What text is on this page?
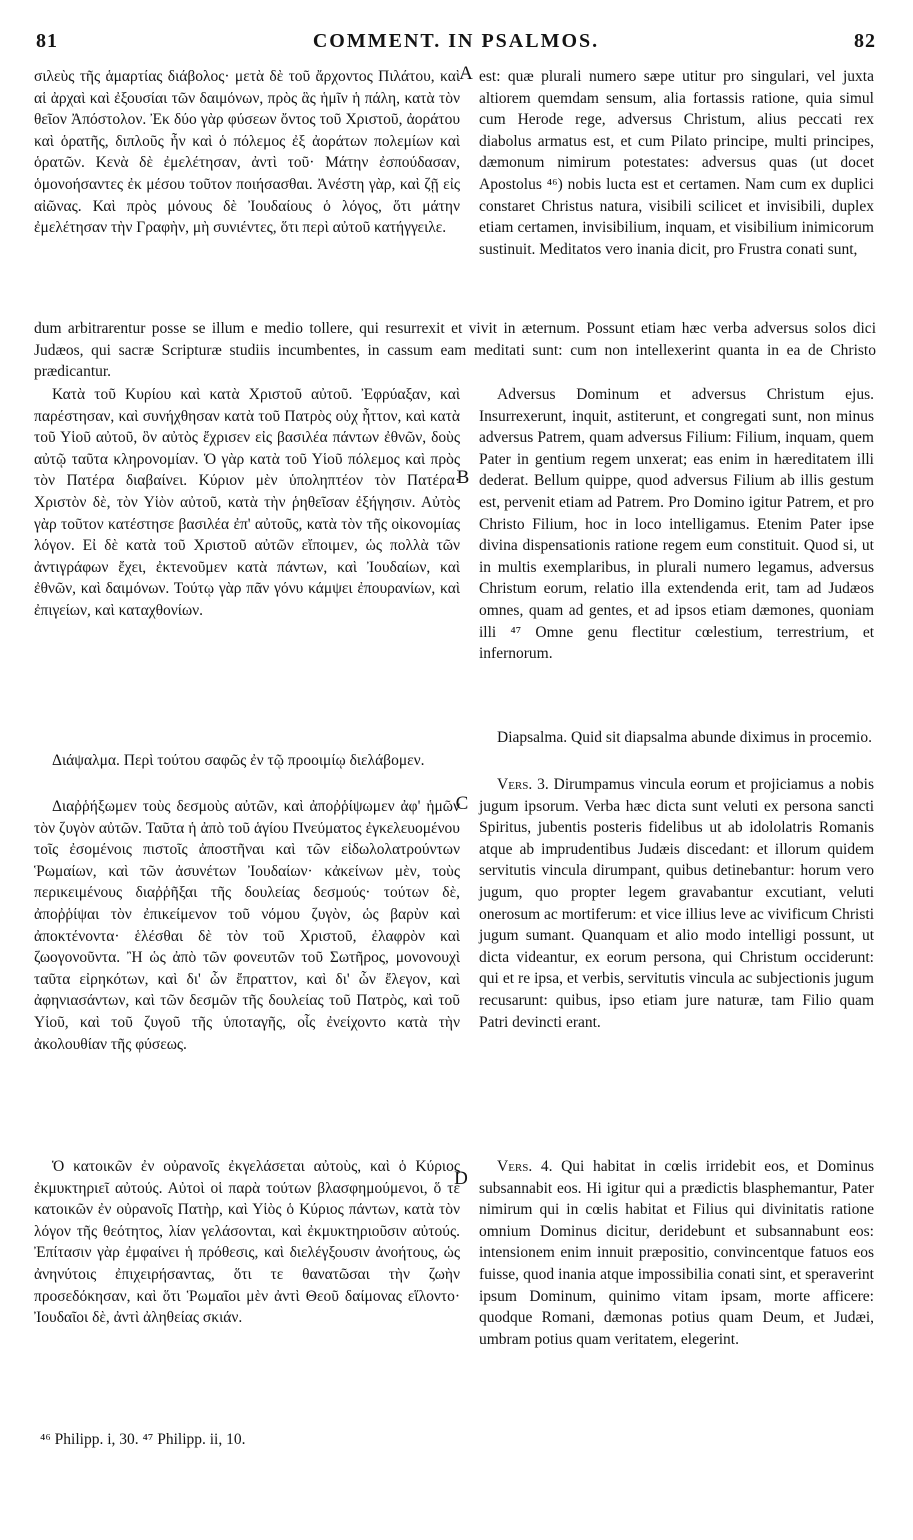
81	COMMENT. IN PSALMOS.	82
A
B
C
D

σιλεὺς τῆς ἁμαρτίας διάβολος· μετὰ δὲ τοῦ ἄρχοντος Πιλάτου, καὶ αἱ ἀρχαὶ καὶ ἐξουσίαι τῶν δαιμόνων, πρὸς ἃς ἡμῖν ἡ πάλη, κατὰ τὸν θεῖον Ἀπόστολον. Ἐκ δύο γὰρ φύσεων ὄντος τοῦ Χριστοῦ, ἀοράτου καὶ ὁρατῆς, διπλοῦς ἦν καὶ ὁ πόλεμος ἐξ ἀοράτων πολεμίων καὶ ὁρατῶν. Κενὰ δὲ ἐμελέτησαν, ἀντὶ τοῦ· Μάτην ἐσπούδασαν, ὁμονοήσαντες ἐκ μέσου τοῦτον ποιήσασθαι. Ἀνέστη γὰρ, καὶ ζῇ εἰς αἰῶνας. Καὶ πρὸς μόνους δὲ Ἰουδαίους ὁ λόγος, ὅτι μάτην ἐμελέτησαν τὴν Γραφὴν, μὴ συνιέντες, ὅτι περὶ αὐτοῦ κατήγγειλε.

est: quæ plurali numero sæpe utitur pro singulari, vel juxta altiorem quemdam sensum, alia fortassis ratione, quia simul cum Herode rege, adversus Christum, alius peccati rex diabolus armatus est, et cum Pilato principe, multi principes, dæmonum nimirum potestates: adversus quas (ut docet Apostolus ⁴⁶) nobis lucta est et certamen. Nam cum ex duplici constaret Christus natura, visibili scilicet et invisibili, duplex etiam certamen, invisibilium, inquam, et visibilium inimicorum sustinuit. Meditatos vero inania dicit, pro Frustra conati sunt,

dum arbitrarentur posse se illum e medio tollere, qui resurrexit et vivit in æternum. Possunt etiam hæc verba adversus solos dici Judæos, qui sacræ Scripturæ studiis incumbentes, in cassum eam meditati sunt: cum non intellexerint quanta in ea de Christo prædicantur.

Κατὰ τοῦ Κυρίου καὶ κατὰ Χριστοῦ αὐτοῦ. Ἐφρύαξαν, καὶ παρέστησαν, καὶ συνήχθησαν κατὰ τοῦ Πατρὸς οὐχ ἧττον, καὶ κατὰ τοῦ Υἱοῦ αὐτοῦ, ὃν αὐτὸς ἔχρισεν εἰς βασιλέα πάντων ἐθνῶν, δοὺς αὐτῷ ταῦτα κληρονομίαν. Ὁ γὰρ κατὰ τοῦ Υἱοῦ πόλεμος καὶ πρὸς τὸν Πατέρα διαβαίνει. Κύριον μὲν ὑποληπτέον τὸν Πατέρα· Χριστὸν δὲ, τὸν Υἱὸν αὐτοῦ, κατὰ τὴν ῥηθεῖσαν ἐξήγησιν. Αὐτὸς γὰρ τοῦτον κατέστησε βασιλέα ἐπ' αὐτοῦς, κατὰ τὸν τῆς οἰκονομίας λόγον. Εἰ δὲ κατὰ τοῦ Χριστοῦ αὐτῶν εἴποιμεν, ὡς πολλὰ τῶν ἀντιγράφων ἔχει, ἐκτενοῦμεν κατὰ πάντων, καὶ Ἰουδαίων, καὶ ἐθνῶν, καὶ δαιμόνων. Τούτῳ γὰρ πᾶν γόνυ κάμψει ἐπουρανίων, καὶ ἐπιγείων, καὶ καταχθονίων.

Adversus Dominum et adversus Christum ejus. Insurrexerunt, inquit, astiterunt, et congregati sunt, non minus adversus Patrem, quam adversus Filium: Filium, inquam, quem Pater in gentium regem unxerat; eas enim in hæreditatem illi dederat. Bellum quippe, quod adversus Filium ab illis gestum est, pervenit etiam ad Patrem. Pro Domino igitur Patrem, et pro Christo Filium, hoc in loco intelligamus. Etenim Pater ipse divina dispensationis ratione regem eum constituit. Quod si, ut in multis exemplaribus, in plurali numero legamus, adversus Christum eorum, relatio illa extendenda erit, tam ad Judæos omnes, quam ad gentes, et ad ipsos etiam dæmones, quoniam illi ⁴⁷ Omne genu flectitur cœlestium, terrestrium, et infernorum.

Διάψαλμα. Περὶ τούτου σαφῶς ἐν τῷ προοιμίῳ διελάβομεν.

Diapsalma. Quid sit diapsalma abunde diximus in procemio.

Διαῤῥήξωμεν τοὺς δεσμοὺς αὐτῶν, καὶ ἀποῤῥίψωμεν ἀφ' ἡμῶν τὸν ζυγὸν αὐτῶν. Ταῦτα ἡ ἀπὸ τοῦ ἁγίου Πνεύματος ἐγκελευομένου τοῖς ἐσομένοις πιστοῖς ἀποστῆναι καὶ τῶν εἰδωλολατρούντων Ῥωμαίων, καὶ τῶν ἀσυνέτων Ἰουδαίων· κἀκείνων μὲν, τοὺς περικειμένους διαῤῥῆξαι τῆς δουλείας δεσμούς· τούτων δὲ, ἀποῤῥίψαι τὸν ἐπικείμενον τοῦ νόμου ζυγὸν, ὡς βαρὺν καὶ ἀποκτένοντα· ἑλέσθαι δὲ τὸν τοῦ Χριστοῦ, ἐλαφρὸν καὶ ζωογονοῦντα. Ἢ ὡς ἀπὸ τῶν φονευτῶν τοῦ Σωτῆρος, μονονουχὶ ταῦτα εἰρηκότων, καὶ δι' ὧν ἔπραττον, καὶ δι' ὧν ἔλεγον, καὶ ἀφηνιασάντων, καὶ τῶν δεσμῶν τῆς δουλείας τοῦ Πατρὸς, καὶ τοῦ Υἱοῦ, καὶ τοῦ ζυγοῦ τῆς ὑποταγῆς, οἷς ἐνείχοντο κατὰ τὴν ἀκολουθίαν τῆς φύσεως.

Vers. 3. Dirumpamus vincula eorum et projiciamus a nobis jugum ipsorum. Verba hæc dicta sunt veluti ex persona sancti Spiritus, jubentis posteris fidelibus ut ab idololatris Romanis atque ab imprudentibus Judæis discedant: et illorum quidem servitutis vincula dirumpant, quibus detinebantur: horum vero jugum, quo propter legem gravabantur excutiant, veluti onerosum ac mortiferum: et vice illius leve ac vivificum Christi jugum sumant. Quanquam et alio modo intelligi possunt, ut dicta videantur, ex eorum persona, qui Christum occiderunt: qui et re ipsa, et verbis, servitutis vincula ac subjectionis jugum recusarunt: quibus, ipso etiam jure naturæ, tam Filio quam Patri devincti erant.

Ὁ κατοικῶν ἐν οὐρανοῖς ἐκγελάσεται αὐτοὺς, καὶ ὁ Κύριος ἐκμυκτηριεῖ αὐτούς. Αὐτοὶ οἱ παρὰ τούτων βλασφημούμενοι, ὅ τε κατοικῶν ἐν οὐρανοῖς Πατὴρ, καὶ Υἱὸς ὁ Κύριος πάντων, κατὰ τὸν λόγον τῆς θεότητος, λίαν γελάσονται, καὶ ἐκμυκτηριοῦσιν αὐτούς. Ἐπίτασιν γὰρ ἐμφαίνει ἡ πρόθεσις, καὶ διελέγξουσιν ἀνοήτους, ὡς ἀνηνύτοις ἐπιχειρήσαντας, ὅτι τε θανατῶσαι τὴν ζωὴν προσεδόκησαν, καὶ ὅτι Ῥωμαῖοι μὲν ἀντὶ Θεοῦ δαίμονας εἵλοντο· Ἰουδαῖοι δὲ, ἀντὶ ἀληθείας σκιάν.

Vers. 4. Qui habitat in cœlis irridebit eos, et Dominus subsannabit eos. Hi igitur qui a prædictis blasphemantur, Pater nimirum qui in cœlis habitat et Filius qui divinitatis ratione omnium Dominus dicitur, deridebunt et subsannabunt eos: intensionem enim innuit præpositio, convincentque fatuos eos fuisse, quod inania atque impossibilia conati sint, et speraverint ipsum Dominum, quinimo vitam ipsam, morte afficere: quodque Romani, dæmonas potius quam Deum, et Judæi, umbram potius quam veritatem, elegerint.

⁴⁶ Philipp. i, 30. ⁴⁷ Philipp. ii, 10.
